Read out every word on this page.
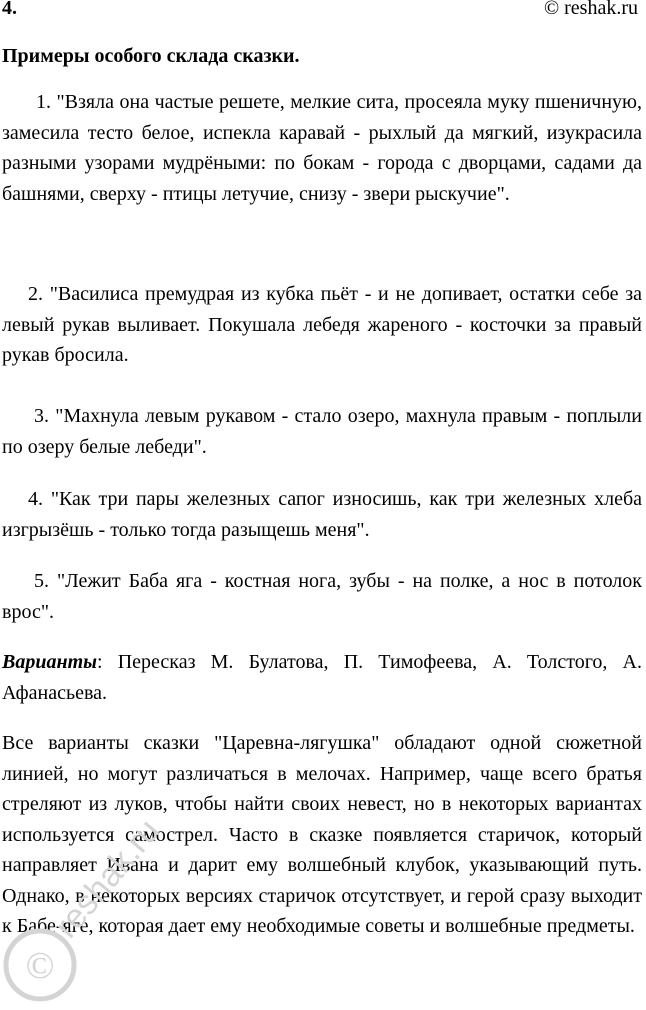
4.	© reshak.ru
Примеры особого склада сказки.

1. "Взяла она частые решете, мелкие сита, просеяла муку пшеничную, замесила тесто белое, испекла каравай - рыхлый да мягкий, изукрасила разными узорами мудрёными: по бокам - города с дворцами, садами да башнями, сверху - птицы летучие, снизу - звери рыскучие".

2. "Василиса премудрая из кубка пьёт - и не допивает, остатки себе за левый рукав выливает. Покушала лебедя жареного - косточки за правый рукав бросила.

3. "Махнула левым рукавом - стало озеро, махнула правым - поплыли по озеру белые лебеди".

4. "Как три пары железных сапог износишь, как три железных хлеба изгрызёшь - только тогда разыщешь меня".

5. "Лежит Баба яга - костная нога, зубы - на полке, а нос в потолок врос".

Варианты: Пересказ М. Булатова, П. Тимофеева, А. Толстого, А. Афанасьева.

Все варианты сказки "Царевна-лягушка" обладают одной сюжетной линией, но могут различаться в мелочах. Например, чаще всего братья стреляют из луков, чтобы найти своих невест, но в некоторых вариантах используется самострел. Часто в сказке появляется старичок, который направляет Ивана и дарит ему волшебный клубок, указывающий путь. Однако, в некоторых версиях старичок отсутствует, и герой сразу выходит к Бабе-яге, которая дает ему необходимые советы и волшебные предметы.

©
reshak.ru
